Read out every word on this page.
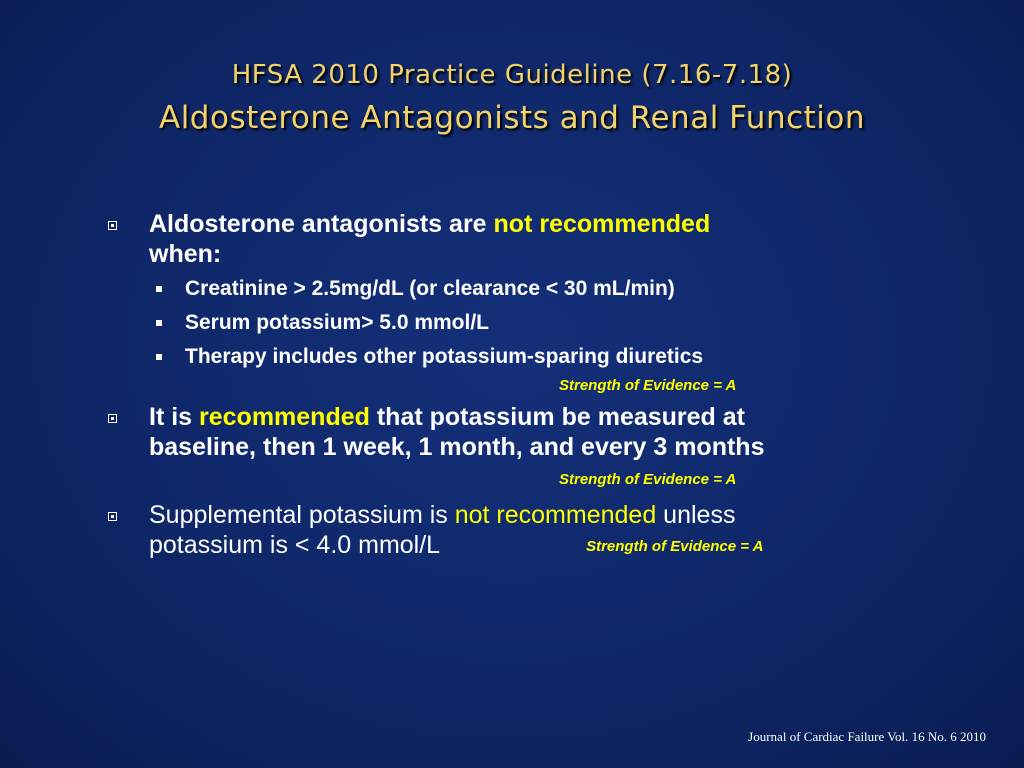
HFSA 2010 Practice Guideline (7.16-7.18)
Aldosterone Antagonists and Renal Function
Aldosterone antagonists are not recommended
when:
Creatinine > 2.5mg/dL (or clearance < 30 mL/min)
Serum potassium> 5.0 mmol/L
Therapy includes other potassium-sparing diuretics
Strength of Evidence = A
It is recommended that potassium be measured at
baseline, then 1 week, 1 month, and every 3 months
Strength of Evidence = A
Supplemental potassium is not recommended unless
potassium is < 4.0 mmol/L	Strength of Evidence = A
Journal of Cardiac Failure Vol. 16 No. 6 2010
